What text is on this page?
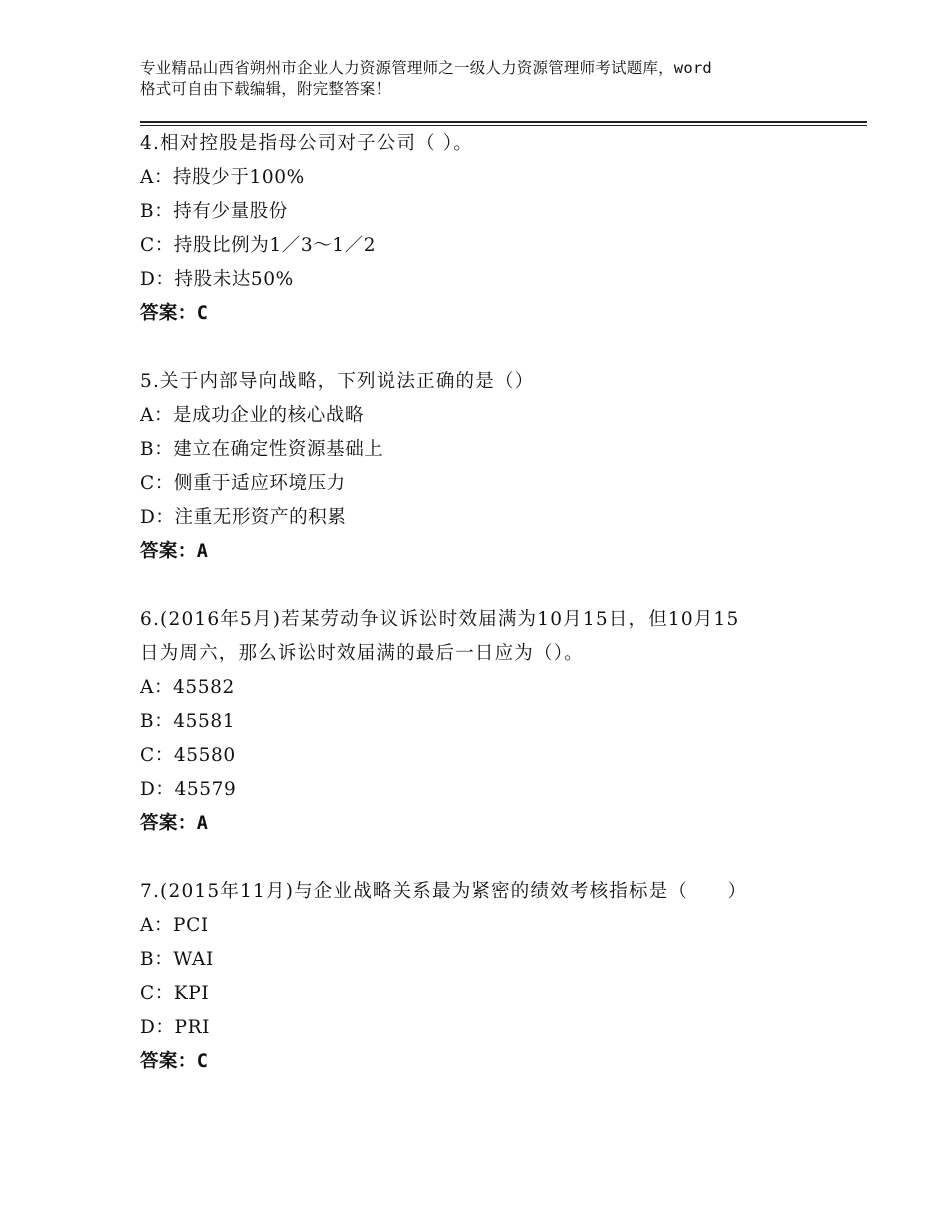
专业精品山西省朔州市企业人力资源管理师之一级人力资源管理师考试题库，word
格式可自由下载编辑，附完整答案！
4.相对控股是指母公司对子公司（ ）。
A：持股少于100%
B：持有少量股份
C：持股比例为1／3～1／2
D：持股未达50%
答案：C
5.关于内部导向战略，下列说法正确的是（）
A：是成功企业的核心战略
B：建立在确定性资源基础上
C：侧重于适应环境压力
D：注重无形资产的积累
答案：A
6.(2016年5月)若某劳动争议诉讼时效届满为10月15日，但10月15
日为周六，那么诉讼时效届满的最后一日应为（）。
A：45582
B：45581
C：45580
D：45579
答案：A
7.(2015年11月)与企业战略关系最为紧密的绩效考核指标是（　　）
A：PCI
B：WAI
C：KPI
D：PRI
答案：C
